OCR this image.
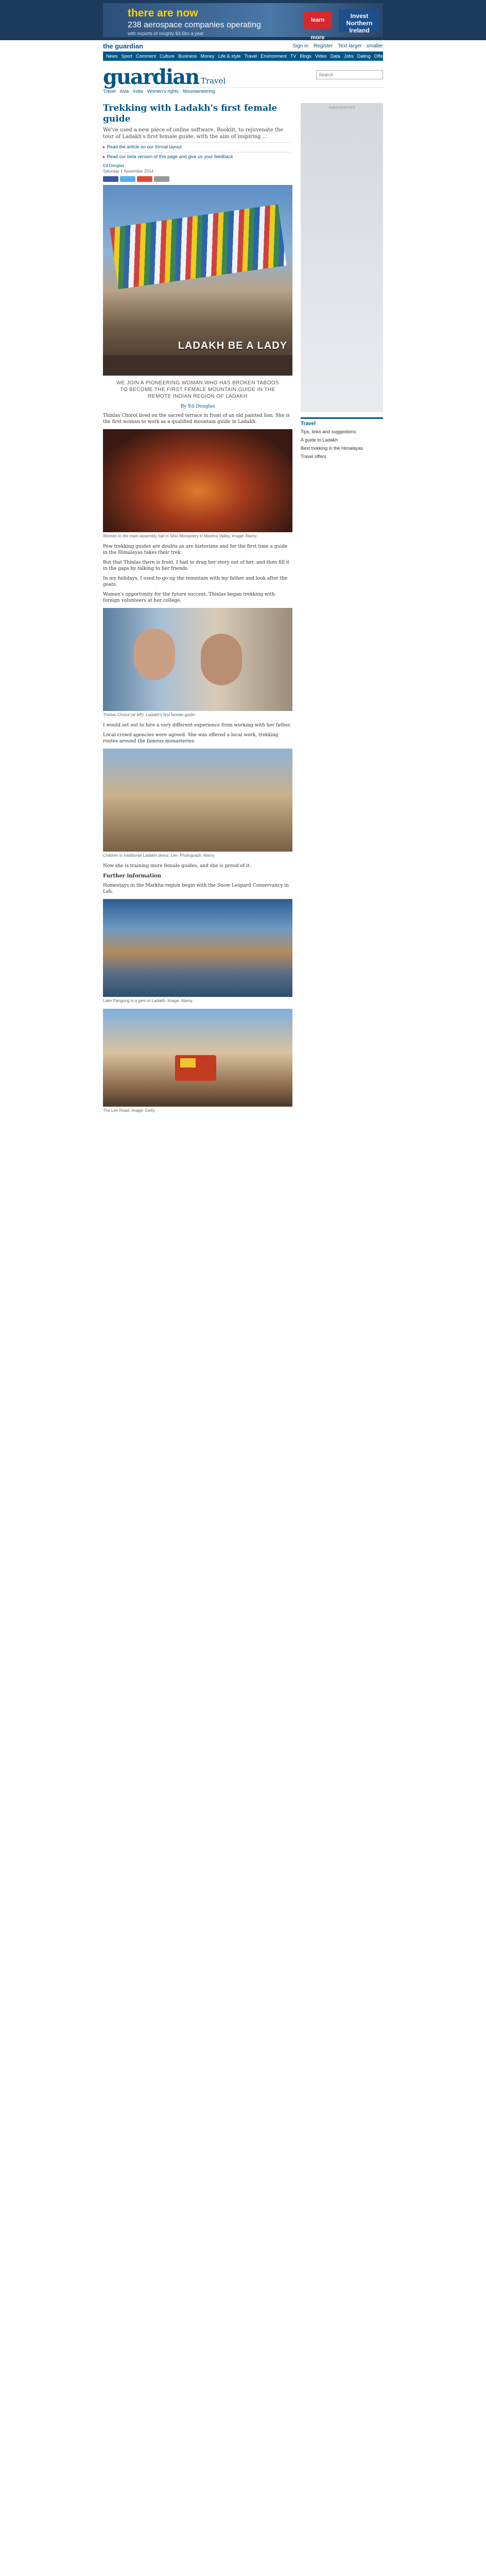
there are now
238 aerospace companies operating
with exports of roughly $3.5bn a year
learn more
Invest Northern Ireland
the guardian	Sign in Register Text larger · smaller
News Sport Comment Culture Business Money Life & style Travel Environment TV Blogs Video Data Jobs Dating Offers
guardian Travel
Search
Travel Asia India Women's rights Mountaineering
Trekking with Ladakh's first female guide

We've used a new piece of online software, Booklit, to rejuvenate the tour of Ladakh's first female guide, with the aim of inspiring ...

▸ Read the article on our formal layout
▸ Read our beta version of this page and give us your feedback
Ed Douglas
Saturday 1 November 2014
LADAKH BE A LADY

WE JOIN A PIONEERING WOMAN WHO HAS BROKEN TABOOS TO BECOME THE FIRST FEMALE MOUNTAIN GUIDE IN THE REMOTE INDIAN REGION OF LADAKH

By Ed Douglas

Thinlas Chorol lived on the sacred terrace in front of an old painted lion. She is the first woman to work as a qualified mountain guide in Ladakh.

Women in the main assembly hall in Shio Monastery in Markha Valley. Image: Alamy

Few trekking guides are doubts as are historians and for the first time a guide in the Himalayas takes their trek.

But that Thinlas there is front. I had to drag her story out of her, and then fill it in the gaps by talking to her friends.

In my holidays, I used to go up the mountain with my father and look after the goats.

Women's opportunity for the future success, Thinlas began trekking with foreign volunteers at her college.

Thinlas Chorol (at left): Ladakh's first female guide

I would set out to hire a very different experience from working with her father.

Local crowd agencies were agreed. She was offered a local work, trekking routes around the famous monasteries.

Children in traditional Ladakhi dress, Leh. Photograph: Alamy

Now she is training more female guides, and she is proud of it.

Further information

Homestays in the Markha region begin with the Snow Leopard Conservancy in Leh.

Lake Pangong is a gem in Ladakh. Image: Alamy
The Leh Road. Image: Getty
Advertisement
Travel
Tips, links and suggestions
A guide to Ladakh
Best trekking in the Himalayas
Travel offers
